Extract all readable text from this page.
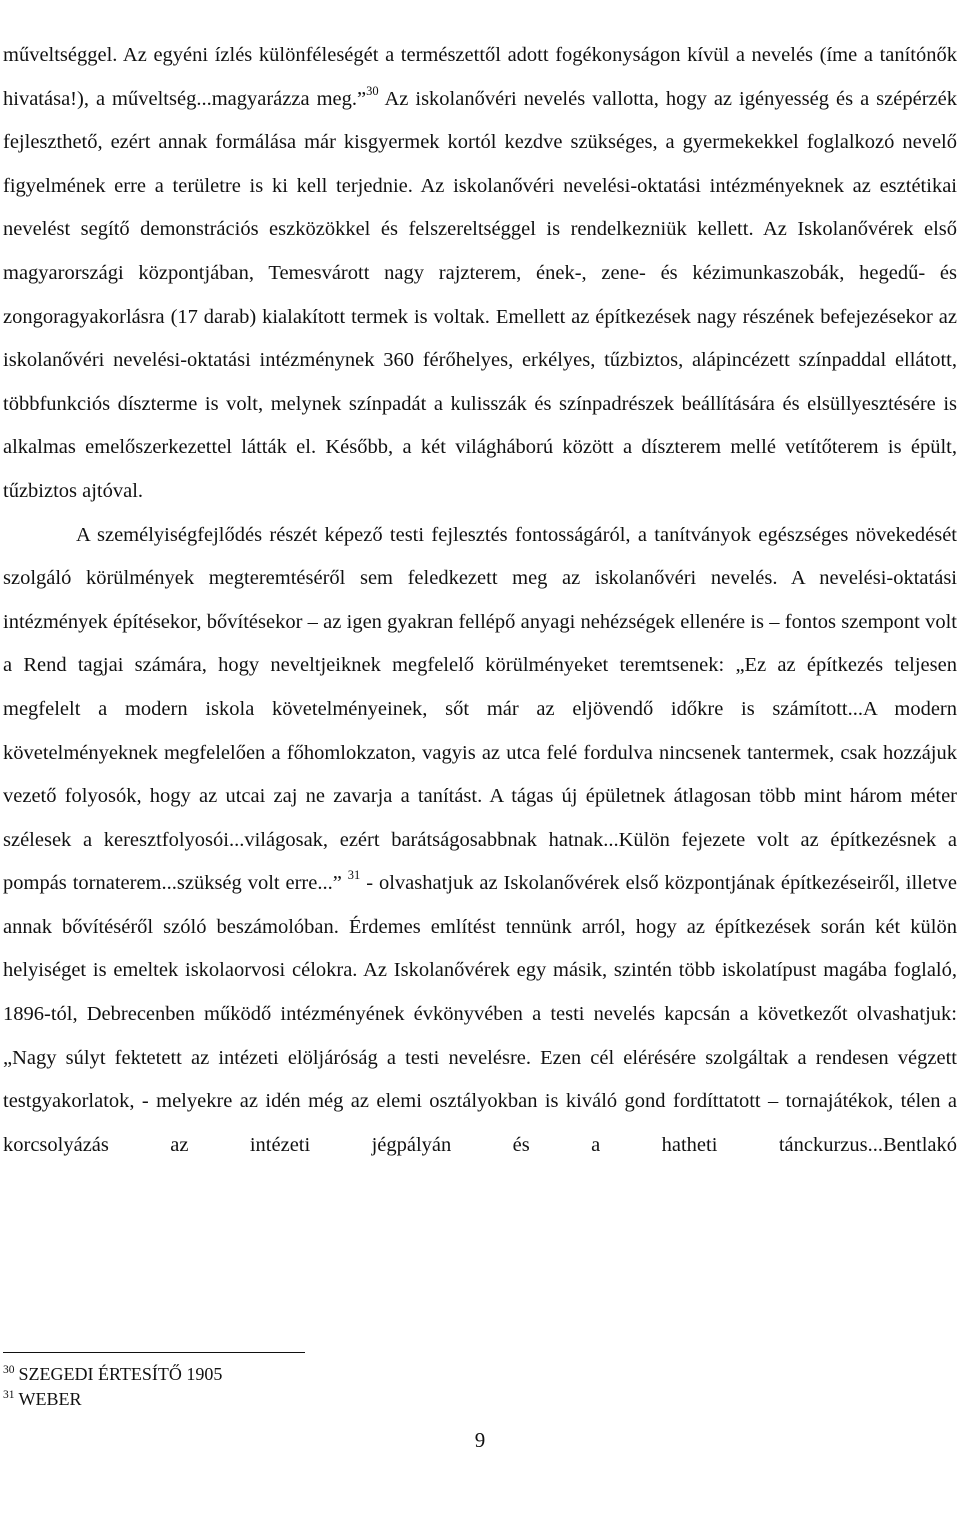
műveltséggel. Az egyéni ízlés különféleségét a természettől adott fogékonyságon kívül a nevelés (íme a tanítónők hivatása!), a műveltség...magyarázza meg.”$^{30}$ Az iskolanővéri nevelés vallotta, hogy az igényesség és a szépérzék fejleszthető, ezért annak formálása már kisgyermek kortól kezdve szükséges, a gyermekekkel foglalkozó nevelő figyelmének erre a területre is ki kell terjednie. Az iskolanővéri nevelési-oktatási intézményeknek az esztétikai nevelést segítő demonstrációs eszközökkel és felszereltséggel is rendelkezniük kellett. Az Iskolanővérek első magyarországi központjában, Temesvárott nagy rajzterem, ének-, zene- és kézimunkaszobák, hegedű- és zongoragyakorlásra (17 darab) kialakított termek is voltak. Emellett az építkezések nagy részének befejezésekor az iskolanővéri nevelési-oktatási intézménynek 360 férőhelyes, erkélyes, tűzbiztos, alápincézett színpaddal ellátott, többfunkciós díszterme is volt, melynek színpadát a kulisszák és színpadrészek beállítására és elsüllyesztésére is alkalmas emelőszerkezettel látták el. Később, a két világháború között a díszterem mellé vetítőterem is épült, tűzbiztos ajtóval.

A személyiségfejlődés részét képező testi fejlesztés fontosságáról, a tanítványok egészséges növekedését szolgáló körülmények megteremtéséről sem feledkezett meg az iskolanővéri nevelés. A nevelési-oktatási intézmények építésekor, bővítésekor – az igen gyakran fellépő anyagi nehézségek ellenére is – fontos szempont volt a Rend tagjai számára, hogy neveltjeiknek megfelelő körülményeket teremtsenek: „Ez az építkezés teljesen megfelelt a modern iskola követelményeinek, sőt már az eljövendő időkre is számított...A modern követelményeknek megfelelően a főhomlokzaton, vagyis az utca felé fordulva nincsenek tantermek, csak hozzájuk vezető folyosók, hogy az utcai zaj ne zavarja a tanítást. A tágas új épületnek átlagosan több mint három méter szélesek a keresztfolyosói...világosak, ezért barátságosabbnak hatnak...Külön fejezete volt az építkezésnek a pompás tornaterem...szükség volt erre...” $^{31}$ - olvashatjuk az Iskolanővérek első központjának építkezéseiről, illetve annak bővítéséről szóló beszámolóban. Érdemes említést tennünk arról, hogy az építkezések során két külön helyiséget is emeltek iskolaorvosi célokra. Az Iskolanővérek egy másik, szintén több iskolatípust magába foglaló, 1896-tól, Debrecenben működő intézményének évkönyvében a testi nevelés kapcsán a következőt olvashatjuk: „Nagy súlyt fektetett az intézeti elöljáróság a testi nevelésre. Ezen cél elérésére szolgáltak a rendesen végzett testgyakorlatok, - melyekre az idén még az elemi osztályokban is kiváló gond fordíttatott – tornajátékok, télen a korcsolyázás az intézeti jégpályán és a hatheti tánckurzus...Bentlakó

$^{30}$ SZEGEDI ÉRTESÍTŐ 1905

$^{31}$ WEBER

9
